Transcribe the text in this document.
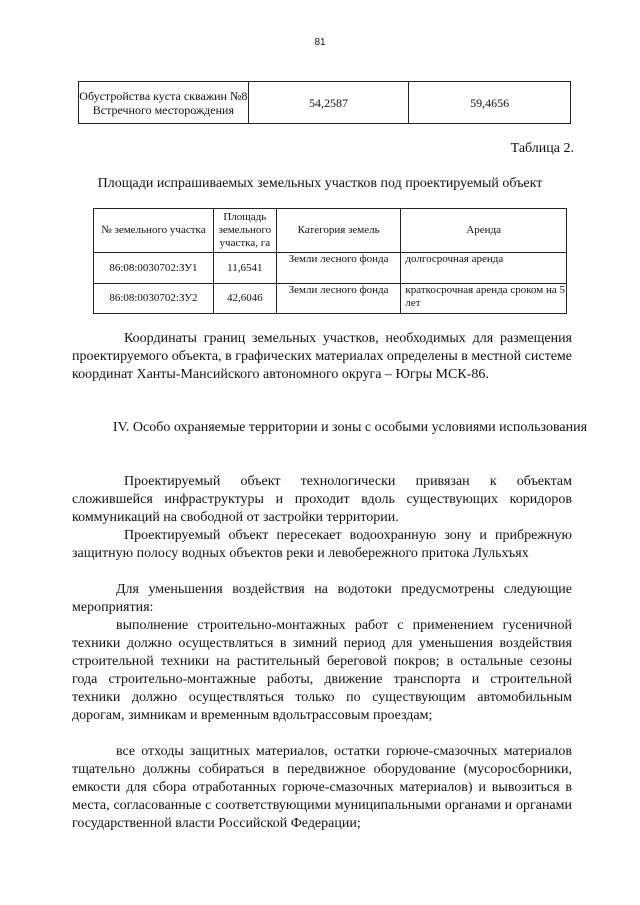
81
Обустройства куста скважин №8 Встречного месторождения	54,2587	59,4656
Таблица 2.
Площади испрашиваемых земельных участков под проектируемый объект
№ земельного участка	Площадь земельного участка, га	Категория земель	Аренда
86:08:0030702:ЗУ1	11,6541	Земли лесного фонда	долгосрочная аренда
86:08:0030702:ЗУ2	42,6046	Земли лесного фонда	краткосрочная аренда сроком на 5 лет
Координаты границ земельных участков, необходимых для размещения проектируемого объекта, в графических материалах определены в местной системе координат Ханты-Мансийского автономного округа – Югры МСК-86.
IV. Особо охраняемые территории и зоны с особыми условиями использования
Проектируемый объект технологически привязан к объектам сложившейся инфраструктуры и проходит вдоль существующих коридоров коммуникаций на свободной от застройки территории.
Проектируемый объект пересекает водоохранную зону и прибрежную защитную полосу водных объектов реки и левобережного притока Лульхъях
Для уменьшения воздействия на водотоки предусмотрены следующие мероприятия:
выполнение строительно-монтажных работ с применением гусеничной техники должно осуществляться в зимний период для уменьшения воздействия строительной техники на растительный береговой покров; в остальные сезоны года строительно-монтажные работы, движение транспорта и строительной техники должно осуществляться только по существующим автомобильным дорогам, зимникам и временным вдольтрассовым проездам;
все отходы защитных материалов, остатки горюче-смазочных материалов тщательно должны собираться в передвижное оборудование (мусоросборники, емкости для сбора отработанных горюче-смазочных материалов) и вывозиться в места, согласованные с соответствующими муниципальными органами и органами государственной власти Российской Федерации;
